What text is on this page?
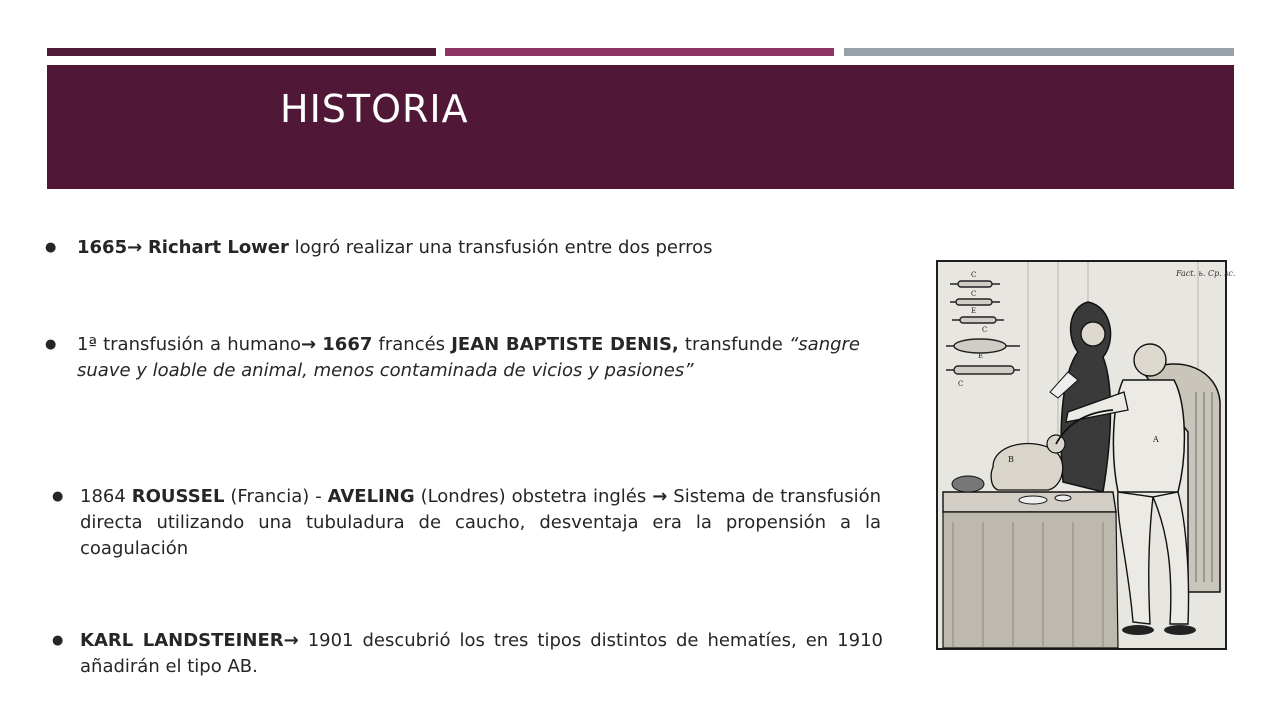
HISTORIA
● 1665→ Richart Lower logró realizar una transfusión entre dos perros
● 1ª transfusión a humano→ 1667 francés JEAN BAPTISTE DENIS, transfunde “sangre suave y loable de animal, menos contaminada de vicios y pasiones”
● 1864 ROUSSEL (Francia) - AVELING (Londres) obstetra inglés → Sistema de transfusión directa utilizando una tubuladura de caucho, desventaja era la propensión a la coagulación
● KARL LANDSTEINER→ 1901 descubrió los tres tipos distintos de hematíes, en 1910 añadirán el tipo AB.
Fact. ь. Cp. sc.
C
C
E
C
E
C
A
B
